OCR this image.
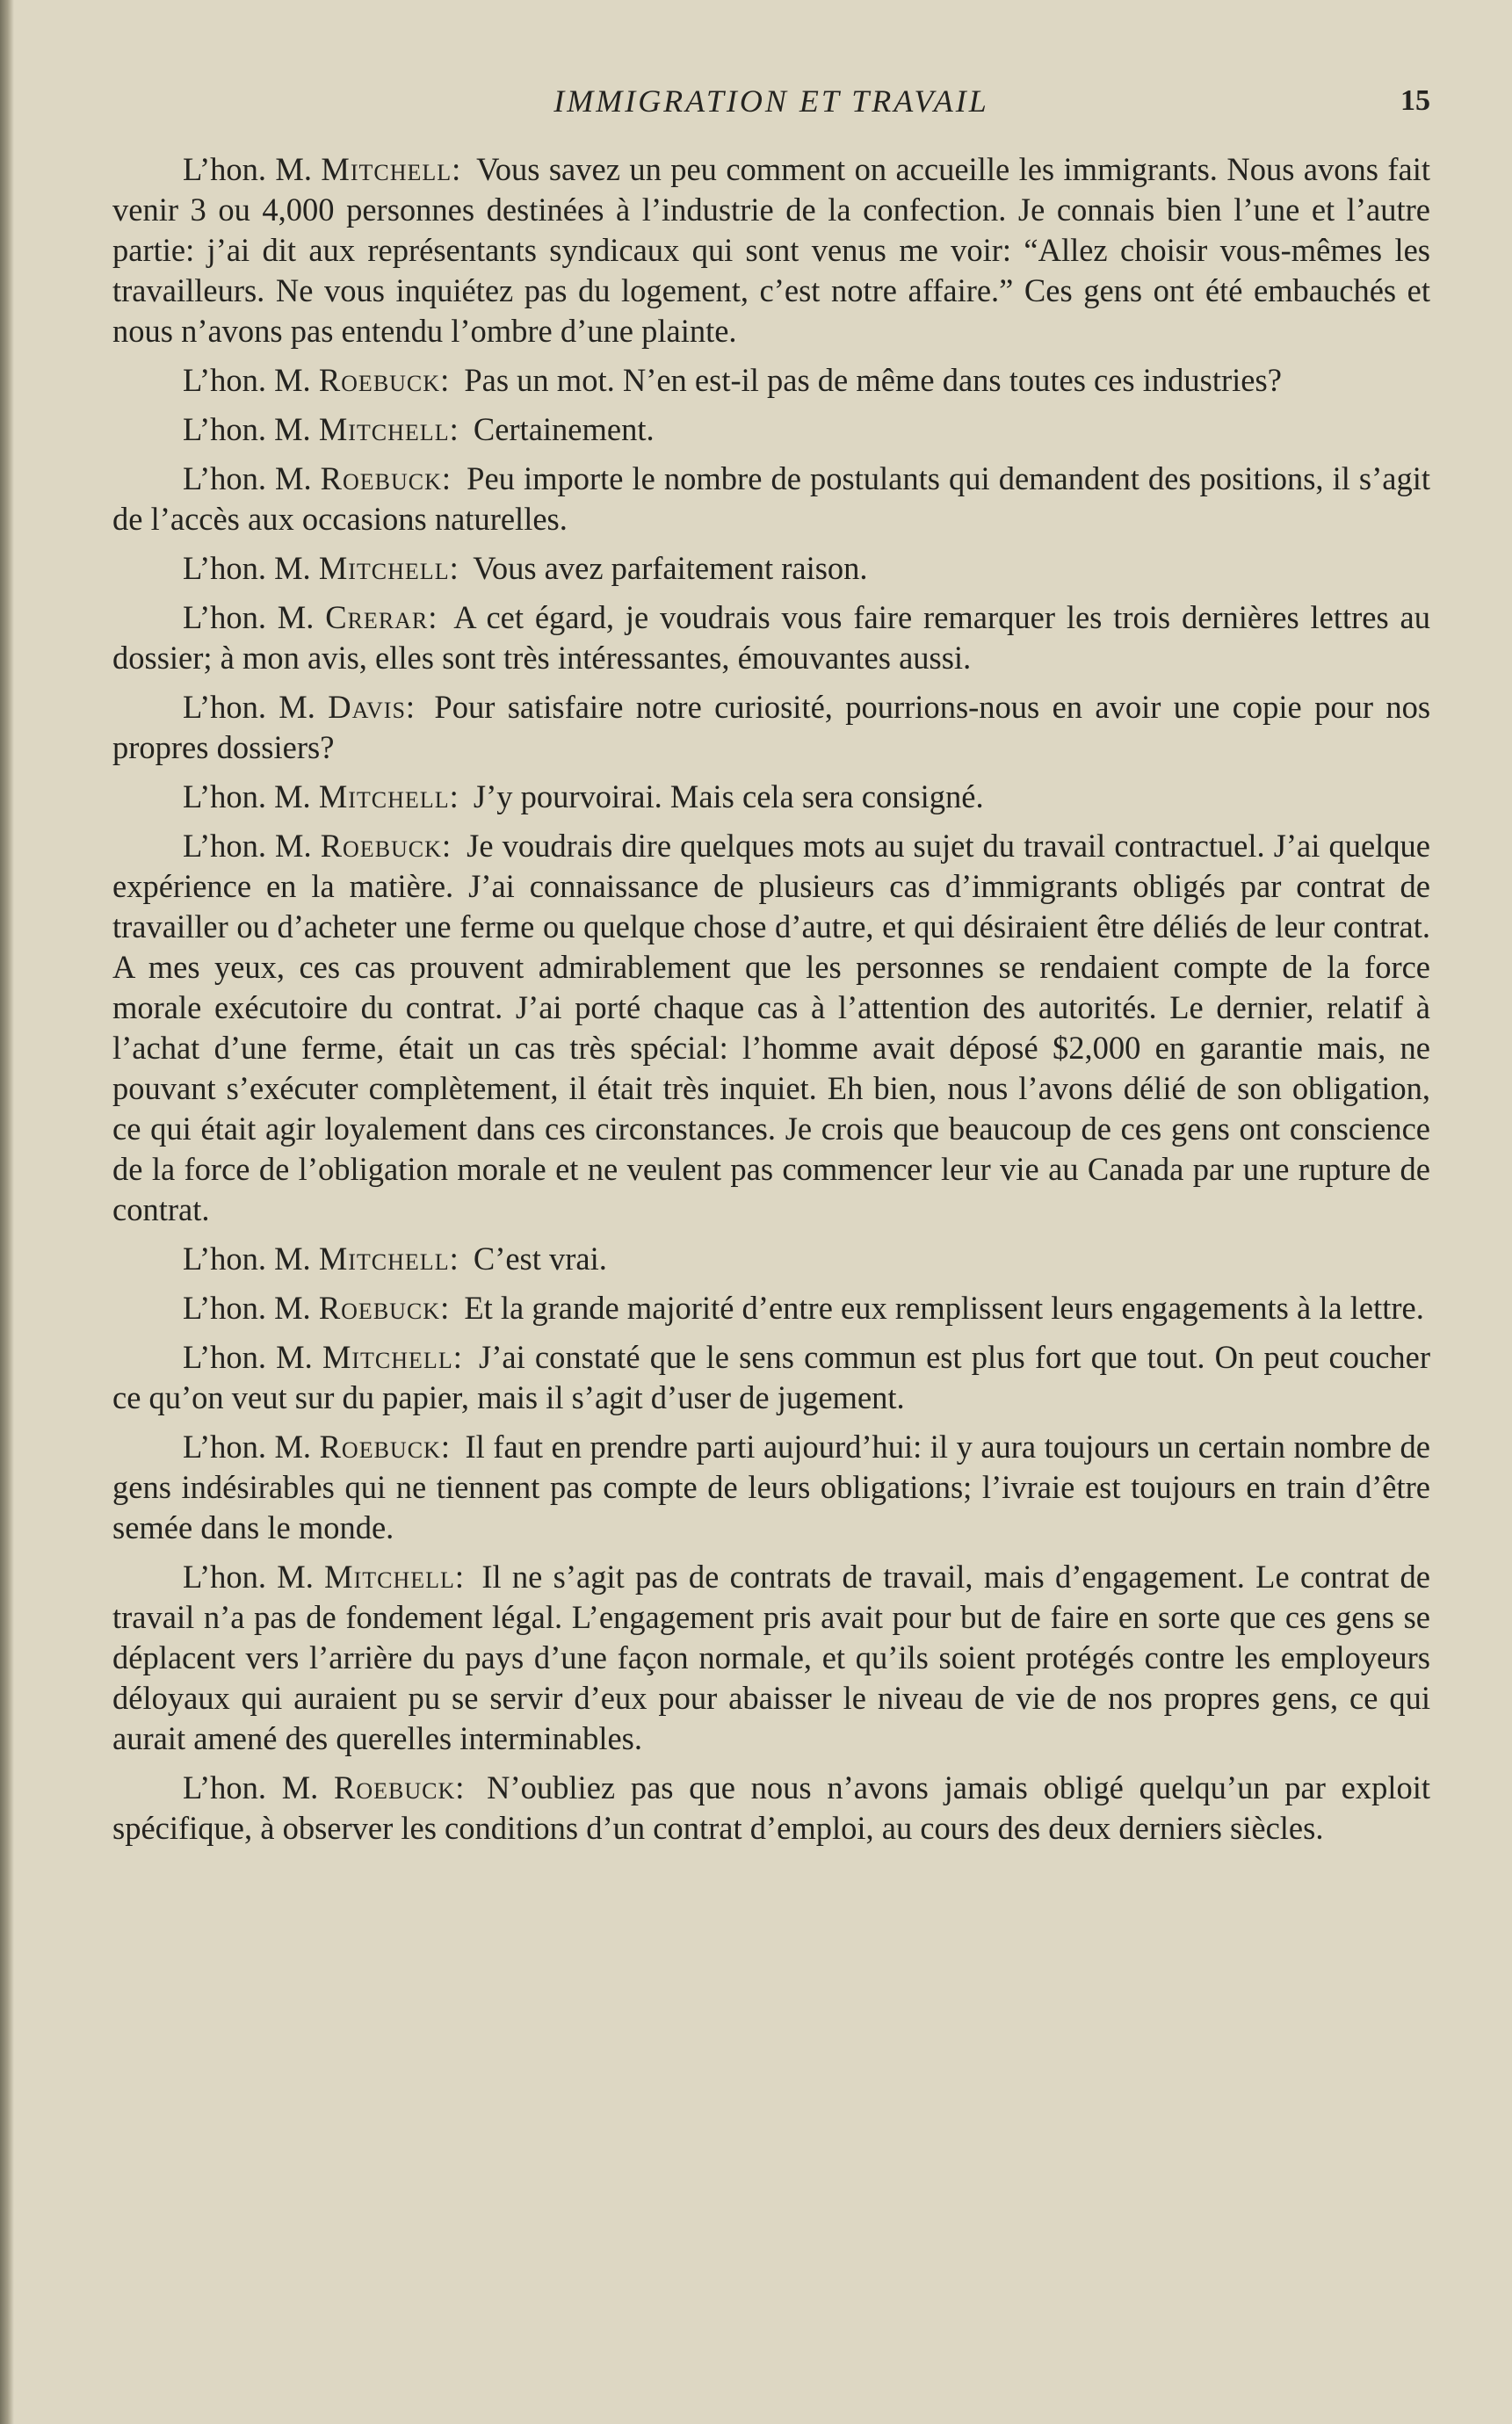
IMMIGRATION ET TRAVAIL	15

L’hon. M. Mitchell: Vous savez un peu comment on accueille les immigrants. Nous avons fait venir 3 ou 4,000 personnes destinées à l’industrie de la confection. Je connais bien l’une et l’autre partie: j’ai dit aux représentants syndicaux qui sont venus me voir: “Allez choisir vous-mêmes les travailleurs. Ne vous inquiétez pas du logement, c’est notre affaire.” Ces gens ont été embauchés et nous n’avons pas entendu l’ombre d’une plainte.

L’hon. M. Roebuck: Pas un mot. N’en est-il pas de même dans toutes ces industries?

L’hon. M. Mitchell: Certainement.

L’hon. M. Roebuck: Peu importe le nombre de postulants qui demandent des positions, il s’agit de l’accès aux occasions naturelles.

L’hon. M. Mitchell: Vous avez parfaitement raison.

L’hon. M. Crerar: A cet égard, je voudrais vous faire remarquer les trois dernières lettres au dossier; à mon avis, elles sont très intéressantes, émouvantes aussi.

L’hon. M. Davis: Pour satisfaire notre curiosité, pourrions-nous en avoir une copie pour nos propres dossiers?

L’hon. M. Mitchell: J’y pourvoirai. Mais cela sera consigné.

L’hon. M. Roebuck: Je voudrais dire quelques mots au sujet du travail contractuel. J’ai quelque expérience en la matière. J’ai connaissance de plusieurs cas d’immigrants obligés par contrat de travailler ou d’acheter une ferme ou quelque chose d’autre, et qui désiraient être déliés de leur contrat. A mes yeux, ces cas prouvent admirablement que les personnes se rendaient compte de la force morale exécutoire du contrat. J’ai porté chaque cas à l’attention des autorités. Le dernier, relatif à l’achat d’une ferme, était un cas très spécial: l’homme avait déposé $2,000 en garantie mais, ne pouvant s’exécuter complètement, il était très inquiet. Eh bien, nous l’avons délié de son obligation, ce qui était agir loyalement dans ces circonstances. Je crois que beaucoup de ces gens ont conscience de la force de l’obligation morale et ne veulent pas commencer leur vie au Canada par une rupture de contrat.

L’hon. M. Mitchell: C’est vrai.

L’hon. M. Roebuck: Et la grande majorité d’entre eux remplissent leurs engagements à la lettre.

L’hon. M. Mitchell: J’ai constaté que le sens commun est plus fort que tout. On peut coucher ce qu’on veut sur du papier, mais il s’agit d’user de jugement.

L’hon. M. Roebuck: Il faut en prendre parti aujourd’hui: il y aura toujours un certain nombre de gens indésirables qui ne tiennent pas compte de leurs obligations; l’ivraie est toujours en train d’être semée dans le monde.

L’hon. M. Mitchell: Il ne s’agit pas de contrats de travail, mais d’engagement. Le contrat de travail n’a pas de fondement légal. L’engagement pris avait pour but de faire en sorte que ces gens se déplacent vers l’arrière du pays d’une façon normale, et qu’ils soient protégés contre les employeurs déloyaux qui auraient pu se servir d’eux pour abaisser le niveau de vie de nos propres gens, ce qui aurait amené des querelles interminables.

L’hon. M. Roebuck: N’oubliez pas que nous n’avons jamais obligé quelqu’un par exploit spécifique, à observer les conditions d’un contrat d’emploi, au cours des deux derniers siècles.
